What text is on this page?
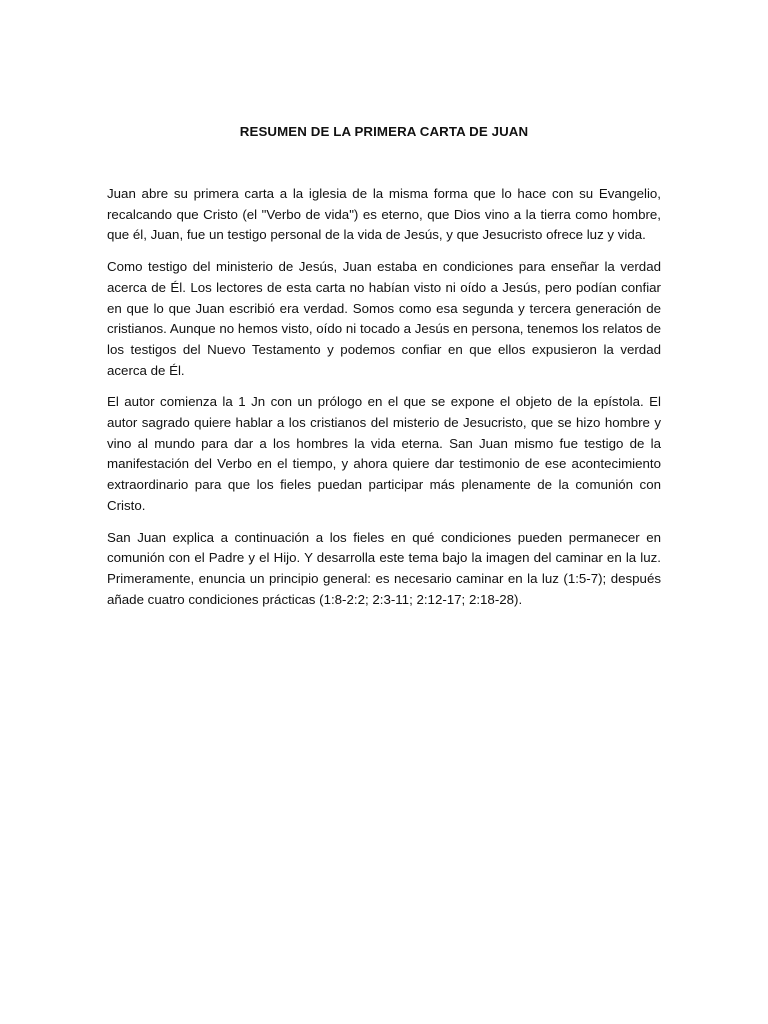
RESUMEN DE LA PRIMERA CARTA DE JUAN

Juan abre su primera carta a la iglesia de la misma forma que lo hace con su Evangelio, recalcando que Cristo (el "Verbo de vida") es eterno, que Dios vino a la tierra como hombre, que él, Juan, fue un testigo personal de la vida de Jesús, y que Jesucristo ofrece luz y vida.

Como testigo del ministerio de Jesús, Juan estaba en condiciones para enseñar la verdad acerca de Él. Los lectores de esta carta no habían visto ni oído a Jesús, pero podían confiar en que lo que Juan escribió era verdad. Somos como esa segunda y tercera generación de cristianos. Aunque no hemos visto, oído ni tocado a Jesús en persona, tenemos los relatos de los testigos del Nuevo Testamento y podemos confiar en que ellos expusieron la verdad acerca de Él.

El autor comienza la 1 Jn con un prólogo en el que se expone el objeto de la epístola. El autor sagrado quiere hablar a los cristianos del misterio de Jesucristo, que se hizo hombre y vino al mundo para dar a los hombres la vida eterna. San Juan mismo fue testigo de la manifestación del Verbo en el tiempo, y ahora quiere dar testimonio de ese acontecimiento extraordinario para que los fieles puedan participar más plenamente de la comunión con Cristo.

San Juan explica a continuación a los fieles en qué condiciones pueden permanecer en comunión con el Padre y el Hijo. Y desarrolla este tema bajo la imagen del caminar en la luz. Primeramente, enuncia un principio general: es necesario caminar en la luz (1:5-7); después añade cuatro condiciones prácticas (1:8-2:2; 2:3-11; 2:12-17; 2:18-28).
